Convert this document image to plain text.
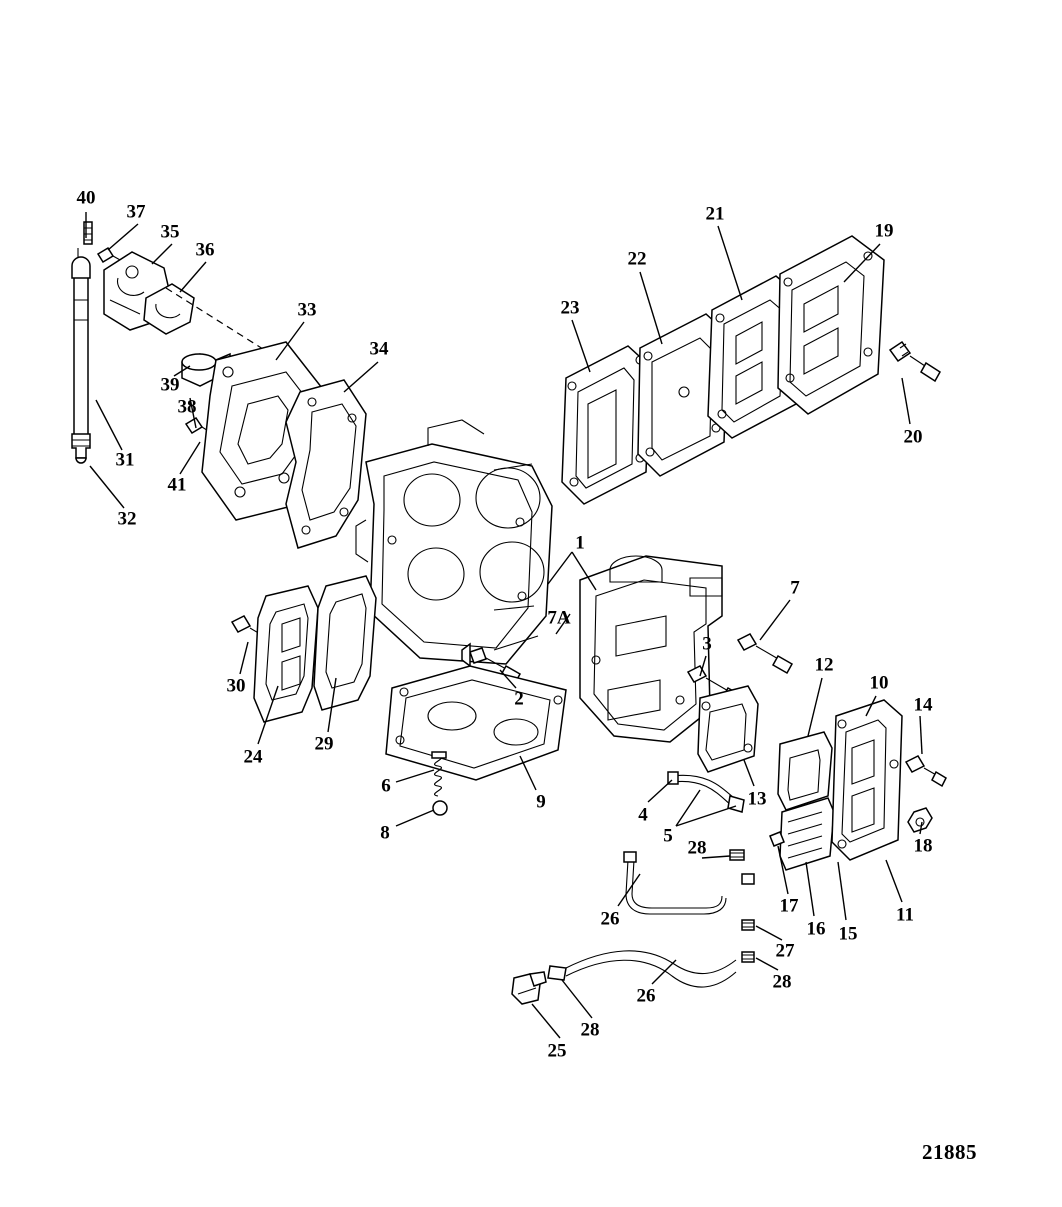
21885
40
37
35
36
33
34
39
38
31
41
32
23
22
21
19
20
1
7A
7
3
12
10
14
30
24
29
2
9
6
8
4
5
13
18
11
15
16
17
28
27
28
26
26
25
28
